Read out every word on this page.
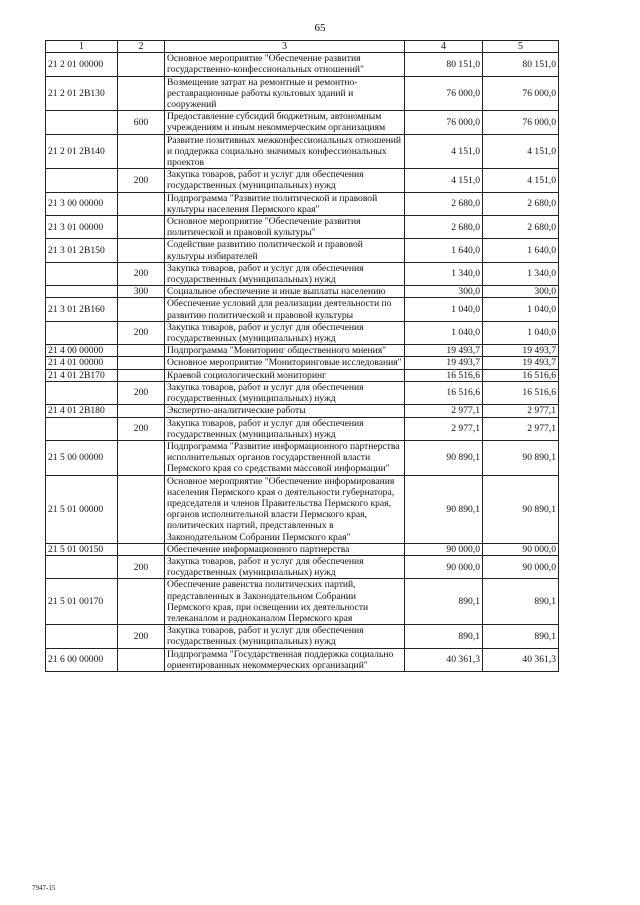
65
1	2	3	4	5
21 2 01 00000		Основное мероприятие "Обеспечение развития государственно-конфессиональных отношений"	80 151,0	80 151,0
21 2 01 2В130		Возмещение затрат на ремонтные и ремонтно-реставрационные работы культовых зданий и сооружений	76 000,0	76 000,0
	600	Предоставление субсидий бюджетным, автономным учреждениям и иным некоммерческим организациям	76 000,0	76 000,0
21 2 01 2В140		Развитие позитивных межконфессиональных отношений и поддержка социально значимых конфессиональных проектов	4 151,0	4 151,0
	200	Закупка товаров, работ и услуг для обеспечения государственных (муниципальных) нужд	4 151,0	4 151,0
21 3 00 00000		Подпрограмма "Развитие политической и правовой культуры населения Пермского края"	2 680,0	2 680,0
21 3 01 00000		Основное мероприятие "Обеспечение развития политической и правовой культуры"	2 680,0	2 680,0
21 3 01 2В150		Содействие развитию политической и правовой культуры избирателей	1 640,0	1 640,0
	200	Закупка товаров, работ и услуг для обеспечения государственных (муниципальных) нужд	1 340,0	1 340,0
	300	Социальное обеспечение и иные выплаты населению	300,0	300,0
21 3 01 2В160		Обеспечение условий для реализации деятельности по развитию политической и правовой культуры	1 040,0	1 040,0
	200	Закупка товаров, работ и услуг для обеспечения государственных (муниципальных) нужд	1 040,0	1 040,0
21 4 00 00000		Подпрограмма "Мониторинг общественного мнения"	19 493,7	19 493,7
21 4 01 00000		Основное мероприятие "Мониторинговые исследования"	19 493,7	19 493,7
21 4 01 2В170		Краевой социологический мониторинг	16 516,6	16 516,6
	200	Закупка товаров, работ и услуг для обеспечения государственных (муниципальных) нужд	16 516,6	16 516,6
21 4 01 2В180		Экспертно-аналитические работы	2 977,1	2 977,1
	200	Закупка товаров, работ и услуг для обеспечения государственных (муниципальных) нужд	2 977,1	2 977,1
21 5 00 00000		Подпрограмма "Развитие информационного партнерства исполнительных органов государственной власти Пермского края со средствами массовой информации"	90 890,1	90 890,1
21 5 01 00000		Основное мероприятие "Обеспечение информирования населения Пермского края о деятельности губернатора, председателя и членов Правительства Пермского края, органов исполнительной власти Пермского края, политических партий, представленных в Законодательном Собрании Пермского края"	90 890,1	90 890,1
21 5 01 00150		Обеспечение информационного партнерства	90 000,0	90 000,0
	200	Закупка товаров, работ и услуг для обеспечения государственных (муниципальных) нужд	90 000,0	90 000,0
21 5 01 00170		Обеспечение равенства политических партий, представленных в Законодательном Собрании Пермского края, при освещении их деятельности телеканалом и радиоканалом Пермского края	890,1	890,1
	200	Закупка товаров, работ и услуг для обеспечения государственных (муниципальных) нужд	890,1	890,1
21 6 00 00000		Подпрограмма "Государственная поддержка социально ориентированных некоммерческих организаций"	40 361,3	40 361,3
7947-15
